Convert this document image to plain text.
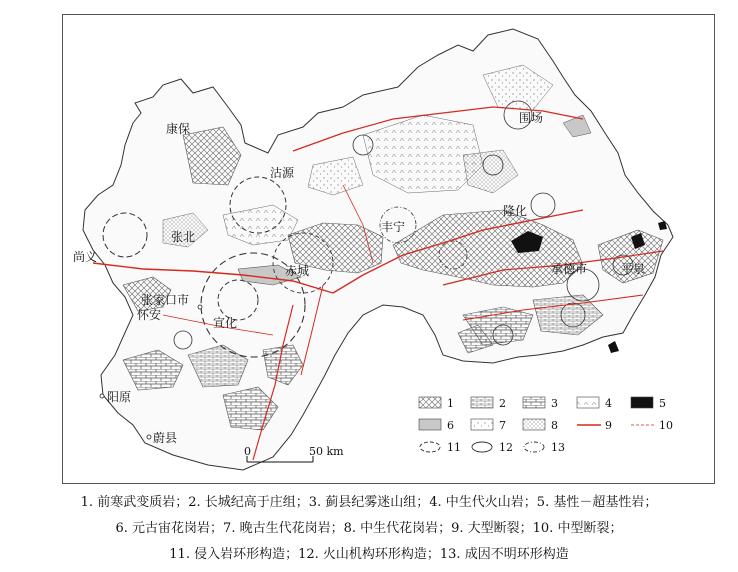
康保
沽源
围场
张北
丰宁
尚义
赤城
隆化
承德市	平泉
张家口市
怀安
宣化
阳原
蔚县
0	50 km
1	2	3	4	5
6	7	8	9	10
11	12	13
1. 前寒武变质岩；2. 长城纪高于庄组；3. 蓟县纪雾迷山组；4. 中生代火山岩；5. 基性－超基性岩；
6. 元古宙花岗岩；7. 晚古生代花岗岩；8. 中生代花岗岩；9. 大型断裂；10. 中型断裂；
11. 侵入岩环形构造；12. 火山机构环形构造；13. 成因不明环形构造
